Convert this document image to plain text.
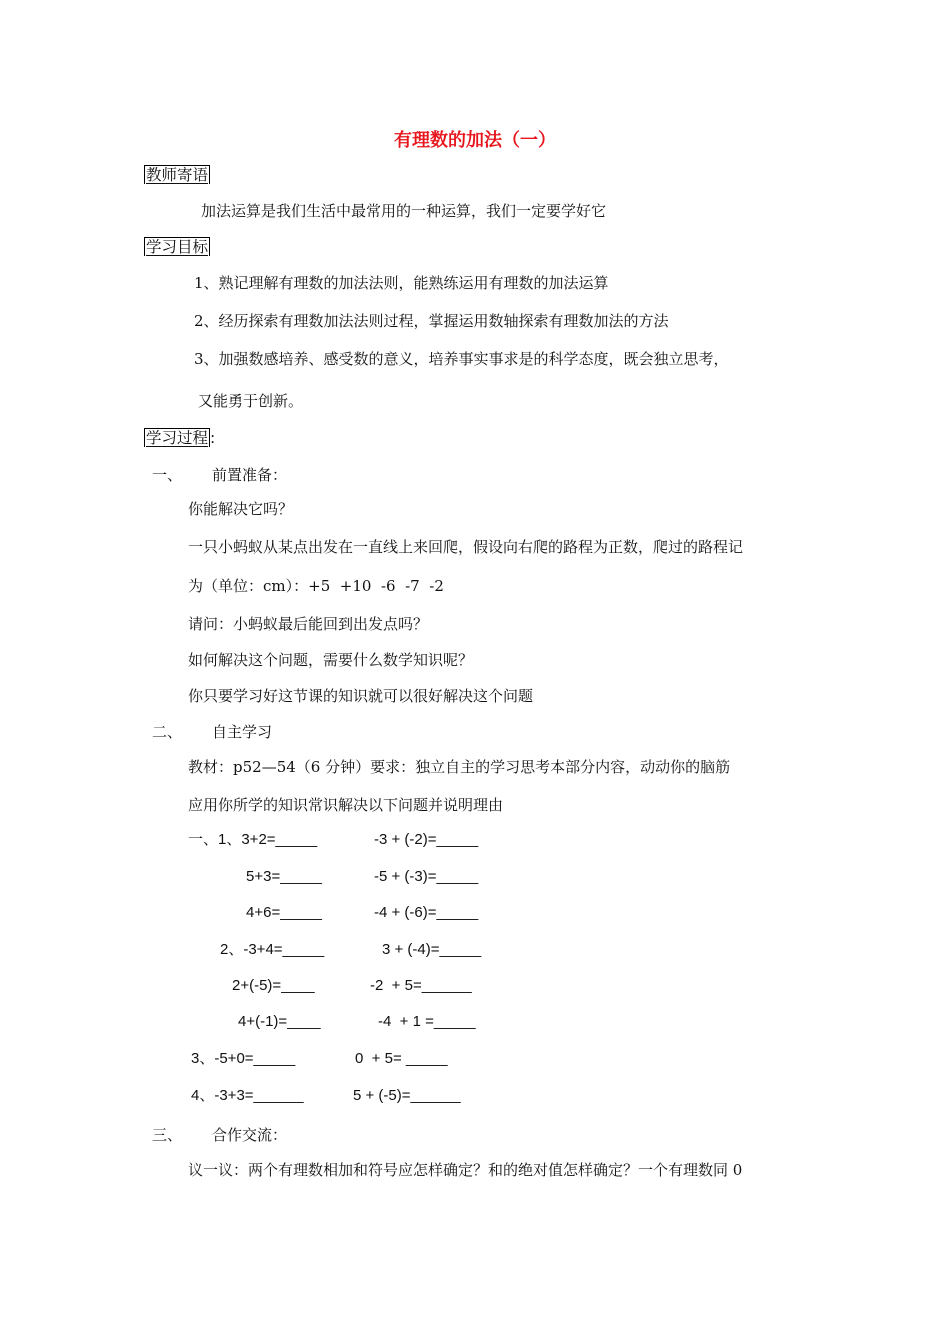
有理数的加法（一）
教师寄语
加法运算是我们生活中最常用的一种运算，我们一定要学好它
学习目标
1、熟记理解有理数的加法法则，能熟练运用有理数的加法运算
2、经历探索有理数加法法则过程，掌握运用数轴探索有理数加法的方法
3、加强数感培养、感受数的意义，培养事实事求是的科学态度，既会独立思考，
又能勇于创新。
学习过程 :
一、 前置准备：
你能解决它吗？
一只小蚂蚁从某点出发在一直线上来回爬，假设向右爬的路程为正数，爬过的路程记
为（单位：cm）：+5  +10  -6  -7  -2
请问：小蚂蚁最后能回到出发点吗？
如何解决这个问题，需要什么数学知识呢？
你只要学习好这节课的知识就可以很好解决这个问题
二、 自主学习
教材：p52—54（6 分钟）要求：独立自主的学习思考本部分内容，动动你的脑筋
应用你所学的知识常识解决以下问题并说明理由
一、1、3+2=_____	-3 + (-2)=_____
5+3=_____	-5 + (-3)=_____
4+6=_____	-4 + (-6)=_____
2、-3+4=_____	3 + (-4)=_____
2+(-5)=____	-2  + 5=______
4+(-1)=____	-4  + 1 =_____
3、-5+0=_____	0  + 5= _____
4、-3+3=______	5 + (-5)=______
三、 合作交流：
议一议：两个有理数相加和符号应怎样确定？和的绝对值怎样确定？一个有理数同 0
